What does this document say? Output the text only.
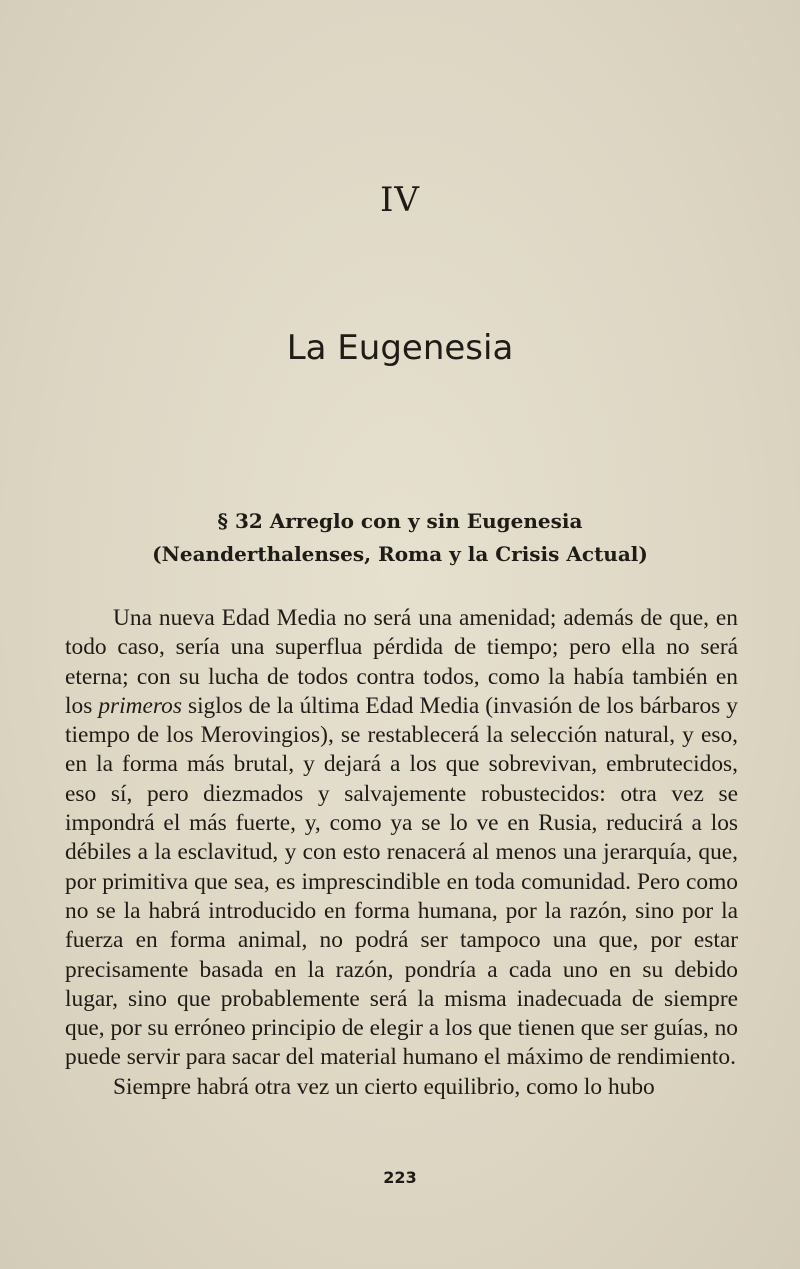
IV
La Eugenesia
§ 32 Arreglo con y sin Eugenesia
(Neanderthalenses, Roma y la Crisis Actual)

Una nueva Edad Media no será una amenidad; además de que, en todo caso, sería una superflua pérdida de tiempo; pero ella no será eterna; con su lucha de todos contra todos, como la había también en los primeros siglos de la última Edad Media (invasión de los bárbaros y tiempo de los Merovingios), se restablecerá la selección natural, y eso, en la forma más brutal, y dejará a los que sobrevivan, embrutecidos, eso sí, pero diezmados y salvajemente robustecidos: otra vez se impondrá el más fuerte, y, como ya se lo ve en Rusia, reducirá a los débiles a la esclavitud, y con esto renacerá al menos una jerarquía, que, por primitiva que sea, es imprescindible en toda comunidad. Pero como no se la habrá introducido en forma humana, por la razón, sino por la fuerza en forma animal, no podrá ser tampoco una que, por estar precisamente basada en la razón, pondría a cada uno en su debido lugar, sino que probablemente será la misma inadecuada de siempre que, por su erróneo principio de elegir a los que tienen que ser guías, no puede servir para sacar del material humano el máximo de rendimiento.

Siempre habrá otra vez un cierto equilibrio, como lo hubo

223
